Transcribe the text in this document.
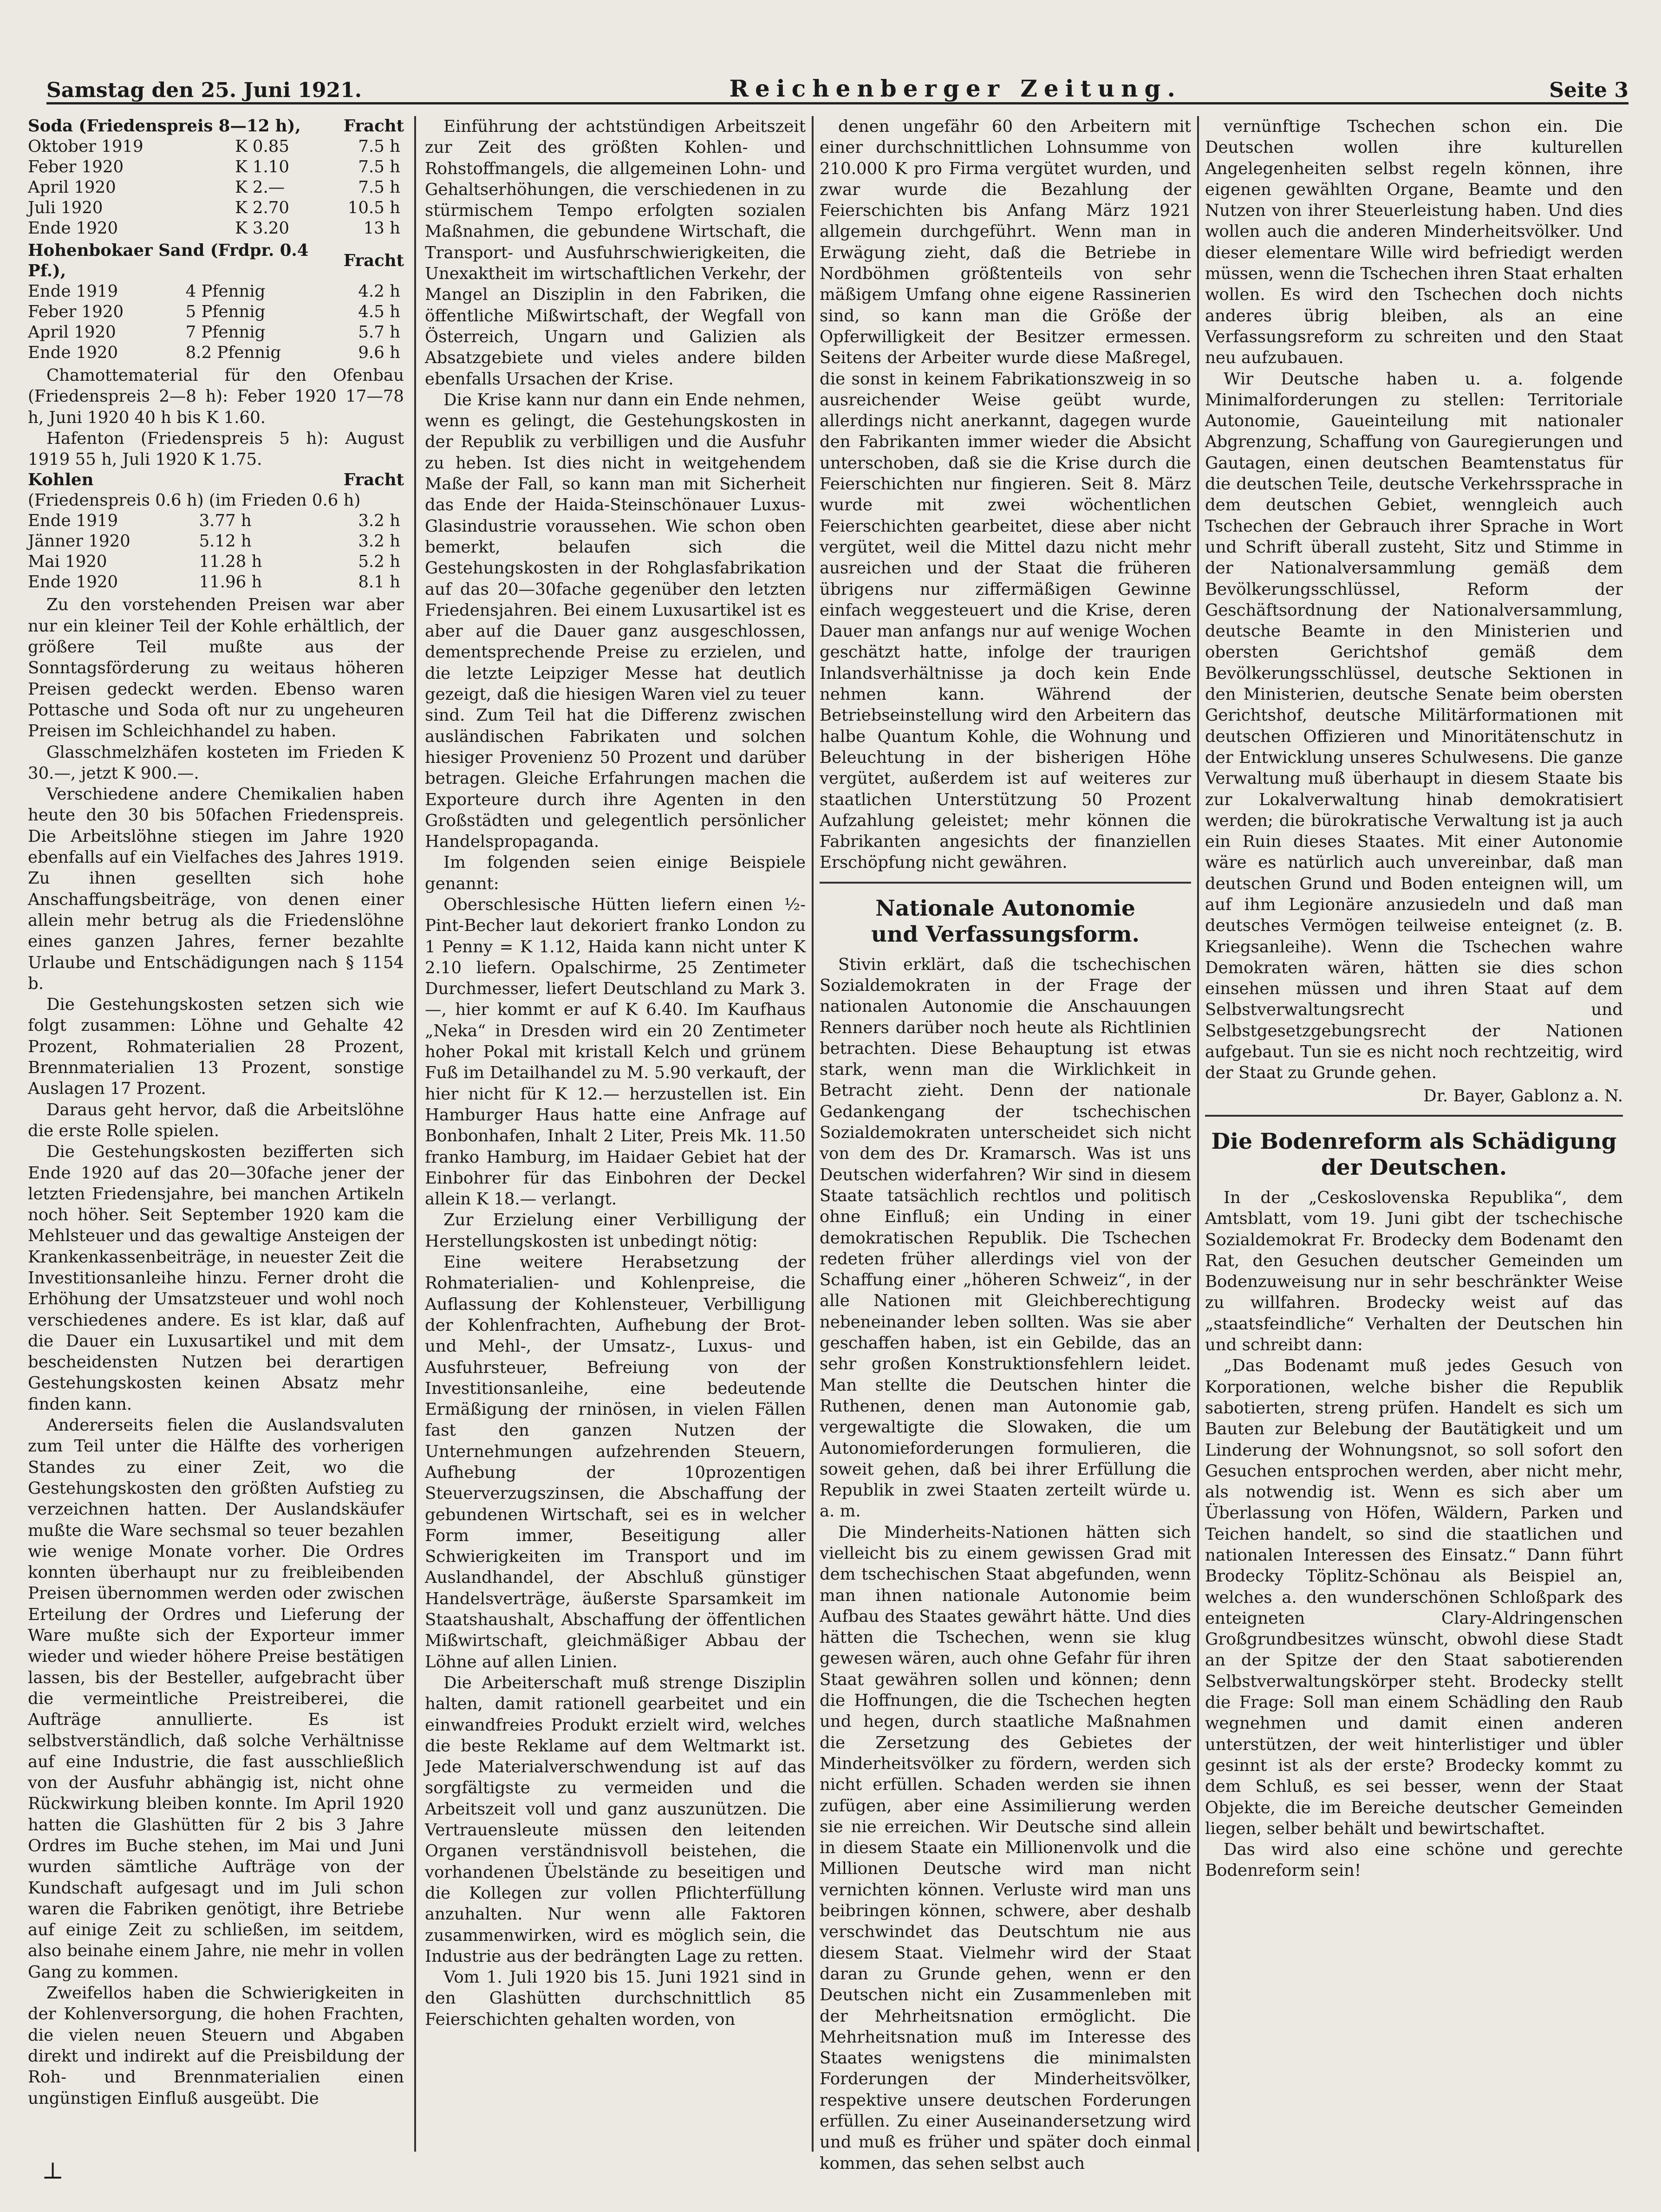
Samstag den 25. Juni 1921.	Reichenberger Zeitung.	Seite 3
Soda (Friedenspreis 8—12 h),		Fracht
Oktober 1919	K 0.85	7.5 h
Feber 1920	K 1.10	7.5 h
April 1920	K 2.—	7.5 h
Juli 1920	K 2.70	10.5 h
Ende 1920	K 3.20	13 h
Hohenbokaer Sand (Frdpr. 0.4 Pf.),		Fracht
Ende 1919	4 Pfennig	4.2 h
Feber 1920	5 Pfennig	4.5 h
April 1920	7 Pfennig	5.7 h
Ende 1920	8.2 Pfennig	9.6 h

Chamottematerial für den Ofenbau (Friedenspreis 2—8 h): Feber 1920 17—78 h, Juni 1920 40 h bis K 1.60.

Hafenton (Friedenspreis 5 h): August 1919 55 h, Juli 1920 K 1.75.

Kohlen		Fracht
(Friedenspreis 0.6 h) (im Frieden 0.6 h)		
Ende 1919	3.77 h	3.2 h
Jänner 1920	5.12 h	3.2 h
Mai 1920	11.28 h	5.2 h
Ende 1920	11.96 h	8.1 h

Zu den vorstehenden Preisen war aber nur ein kleiner Teil der Kohle erhältlich, der größere Teil mußte aus der Sonntagsförderung zu weitaus höheren Preisen gedeckt werden. Ebenso waren Pottasche und Soda oft nur zu ungeheuren Preisen im Schleichhandel zu haben.

Glasschmelzhäfen kosteten im Frieden K 30.—, jetzt K 900.—.

Verschiedene andere Chemikalien haben heute den 30 bis 50fachen Friedenspreis. Die Arbeitslöhne stiegen im Jahre 1920 ebenfalls auf ein Vielfaches des Jahres 1919. Zu ihnen gesellten sich hohe Anschaffungsbeiträge, von denen einer allein mehr betrug als die Friedenslöhne eines ganzen Jahres, ferner bezahlte Urlaube und Entschädigungen nach § 1154 b.

Die Gestehungskosten setzen sich wie folgt zusammen: Löhne und Gehalte 42 Prozent, Rohmaterialien 28 Prozent, Brennmaterialien 13 Prozent, sonstige Auslagen 17 Prozent.

Daraus geht hervor, daß die Arbeitslöhne die erste Rolle spielen.

Die Gestehungskosten bezifferten sich Ende 1920 auf das 20—30fache jener der letzten Friedensjahre, bei manchen Artikeln noch höher. Seit September 1920 kam die Mehlsteuer und das gewaltige Ansteigen der Krankenkassenbeiträge, in neuester Zeit die Investitionsanleihe hinzu. Ferner droht die Erhöhung der Umsatzsteuer und wohl noch verschiedenes andere. Es ist klar, daß auf die Dauer ein Luxusartikel und mit dem bescheidensten Nutzen bei derartigen Gestehungskosten keinen Absatz mehr finden kann.

Andererseits fielen die Auslandsvaluten zum Teil unter die Hälfte des vorherigen Standes zu einer Zeit, wo die Gestehungskosten den größten Aufstieg zu verzeichnen hatten. Der Auslandskäufer mußte die Ware sechsmal so teuer bezahlen wie wenige Monate vorher. Die Ordres konnten überhaupt nur zu freibleibenden Preisen übernommen werden oder zwischen Erteilung der Ordres und Lieferung der Ware mußte sich der Exporteur immer wieder und wieder höhere Preise bestätigen lassen, bis der Besteller, aufgebracht über die vermeintliche Preistreiberei, die Aufträge annullierte. Es ist selbstverständlich, daß solche Verhältnisse auf eine Industrie, die fast ausschließlich von der Ausfuhr abhängig ist, nicht ohne Rückwirkung bleiben konnte. Im April 1920 hatten die Glashütten für 2 bis 3 Jahre Ordres im Buche stehen, im Mai und Juni wurden sämtliche Aufträge von der Kundschaft aufgesagt und im Juli schon waren die Fabriken genötigt, ihre Betriebe auf einige Zeit zu schließen, im seitdem, also beinahe einem Jahre, nie mehr in vollen Gang zu kommen.

Zweifellos haben die Schwierigkeiten in der Kohlenversorgung, die hohen Frachten, die vielen neuen Steuern und Abgaben direkt und indirekt auf die Preisbildung der Roh- und Brennmaterialien einen ungünstigen Einfluß ausgeübt. Die

Einführung der achtstündigen Arbeitszeit zur Zeit des größten Kohlen- und Rohstoffmangels, die allgemeinen Lohn- und Gehaltserhöhungen, die verschiedenen in zu stürmischem Tempo erfolgten sozialen Maßnahmen, die gebundene Wirtschaft, die Transport- und Ausfuhrschwierigkeiten, die Unexaktheit im wirtschaftlichen Verkehr, der Mangel an Disziplin in den Fabriken, die öffentliche Mißwirtschaft, der Wegfall von Österreich, Ungarn und Galizien als Absatzgebiete und vieles andere bilden ebenfalls Ursachen der Krise.

Die Krise kann nur dann ein Ende nehmen, wenn es gelingt, die Gestehungskosten in der Republik zu verbilligen und die Ausfuhr zu heben. Ist dies nicht in weitgehendem Maße der Fall, so kann man mit Sicherheit das Ende der Haida-Steinschönauer Luxus-Glasindustrie voraussehen. Wie schon oben bemerkt, belaufen sich die Gestehungskosten in der Rohglasfabrikation auf das 20—30fache gegenüber den letzten Friedensjahren. Bei einem Luxusartikel ist es aber auf die Dauer ganz ausgeschlossen, dementsprechende Preise zu erzielen, und die letzte Leipziger Messe hat deutlich gezeigt, daß die hiesigen Waren viel zu teuer sind. Zum Teil hat die Differenz zwischen ausländischen Fabrikaten und solchen hiesiger Provenienz 50 Prozent und darüber betragen. Gleiche Erfahrungen machen die Exporteure durch ihre Agenten in den Großstädten und gelegentlich persönlicher Handelspropaganda.

Im folgenden seien einige Beispiele genannt:

Oberschlesische Hütten liefern einen ½-Pint-Becher laut dekoriert franko London zu 1 Penny = K 1.12, Haida kann nicht unter K 2.10 liefern. Opalschirme, 25 Zentimeter Durchmesser, liefert Deutschland zu Mark 3.—, hier kommt er auf K 6.40. Im Kaufhaus „Neka“ in Dresden wird ein 20 Zentimeter hoher Pokal mit kristall Kelch und grünem Fuß im Detailhandel zu M. 5.90 verkauft, der hier nicht für K 12.— herzustellen ist. Ein Hamburger Haus hatte eine Anfrage auf Bonbonhafen, Inhalt 2 Liter, Preis Mk. 11.50 franko Hamburg, im Haidaer Gebiet hat der Einbohrer für das Einbohren der Deckel allein K 18.— verlangt.

Zur Erzielung einer Verbilligung der Herstellungskosten ist unbedingt nötig:

Eine weitere Herabsetzung der Rohmaterialien- und Kohlenpreise, die Auflassung der Kohlensteuer, Verbilligung der Kohlenfrachten, Aufhebung der Brot- und Mehl-, der Umsatz-, Luxus- und Ausfuhrsteuer, Befreiung von der Investitionsanleihe, eine bedeutende Ermäßigung der rninösen, in vielen Fällen fast den ganzen Nutzen der Unternehmungen aufzehrenden Steuern, Aufhebung der 10prozentigen Steuerverzugszinsen, die Abschaffung der gebundenen Wirtschaft, sei es in welcher Form immer, Beseitigung aller Schwierigkeiten im Transport und im Auslandhandel, der Abschluß günstiger Handelsverträge, äußerste Sparsamkeit im Staatshaushalt, Abschaffung der öffentlichen Mißwirtschaft, gleichmäßiger Abbau der Löhne auf allen Linien.

Die Arbeiterschaft muß strenge Disziplin halten, damit rationell gearbeitet und ein einwandfreies Produkt erzielt wird, welches die beste Reklame auf dem Weltmarkt ist. Jede Materialverschwendung ist auf das sorgfältigste zu vermeiden und die Arbeitszeit voll und ganz auszunützen. Die Vertrauensleute müssen den leitenden Organen verständnisvoll beistehen, die vorhandenen Übelstände zu beseitigen und die Kollegen zur vollen Pflichterfüllung anzuhalten. Nur wenn alle Faktoren zusammenwirken, wird es möglich sein, die Industrie aus der bedrängten Lage zu retten.

Vom 1. Juli 1920 bis 15. Juni 1921 sind in den Glashütten durchschnittlich 85 Feierschichten gehalten worden, von

denen ungefähr 60 den Arbeitern mit einer durchschnittlichen Lohnsumme von 210.000 K pro Firma vergütet wurden, und zwar wurde die Bezahlung der Feierschichten bis Anfang März 1921 allgemein durchgeführt. Wenn man in Erwägung zieht, daß die Betriebe in Nordböhmen größtenteils von sehr mäßigem Umfang ohne eigene Rassinerien sind, so kann man die Größe der Opferwilligkeit der Besitzer ermessen. Seitens der Arbeiter wurde diese Maßregel, die sonst in keinem Fabrikationszweig in so ausreichender Weise geübt wurde, allerdings nicht anerkannt, dagegen wurde den Fabrikanten immer wieder die Absicht unterschoben, daß sie die Krise durch die Feierschichten nur fingieren. Seit 8. März wurde mit zwei wöchentlichen Feierschichten gearbeitet, diese aber nicht vergütet, weil die Mittel dazu nicht mehr ausreichen und der Staat die früheren übrigens nur ziffermäßigen Gewinne einfach weggesteuert und die Krise, deren Dauer man anfangs nur auf wenige Wochen geschätzt hatte, infolge der traurigen Inlandsverhältnisse ja doch kein Ende nehmen kann. Während der Betriebseinstellung wird den Arbeitern das halbe Quantum Kohle, die Wohnung und Beleuchtung in der bisherigen Höhe vergütet, außerdem ist auf weiteres zur staatlichen Unterstützung 50 Prozent Aufzahlung geleistet; mehr können die Fabrikanten angesichts der finanziellen Erschöpfung nicht gewähren.

Nationale Autonomie
und Verfassungsform.

Stivin erklärt, daß die tschechischen Sozialdemokraten in der Frage der nationalen Autonomie die Anschauungen Renners darüber noch heute als Richtlinien betrachten. Diese Behauptung ist etwas stark, wenn man die Wirklichkeit in Betracht zieht. Denn der nationale Gedankengang der tschechischen Sozialdemokraten unterscheidet sich nicht von dem des Dr. Kramarsch. Was ist uns Deutschen widerfahren? Wir sind in diesem Staate tatsächlich rechtlos und politisch ohne Einfluß; ein Unding in einer demokratischen Republik. Die Tschechen redeten früher allerdings viel von der Schaffung einer „höheren Schweiz“, in der alle Nationen mit Gleichberechtigung nebeneinander leben sollten. Was sie aber geschaffen haben, ist ein Gebilde, das an sehr großen Konstruktionsfehlern leidet. Man stellte die Deutschen hinter die Ruthenen, denen man Autonomie gab, vergewaltigte die Slowaken, die um Autonomieforderungen formulieren, die soweit gehen, daß bei ihrer Erfüllung die Republik in zwei Staaten zerteilt würde u. a. m.

Die Minderheits-Nationen hätten sich vielleicht bis zu einem gewissen Grad mit dem tschechischen Staat abgefunden, wenn man ihnen nationale Autonomie beim Aufbau des Staates gewährt hätte. Und dies hätten die Tschechen, wenn sie klug gewesen wären, auch ohne Gefahr für ihren Staat gewähren sollen und können; denn die Hoffnungen, die die Tschechen hegten und hegen, durch staatliche Maßnahmen die Zersetzung des Gebietes der Minderheitsvölker zu fördern, werden sich nicht erfüllen. Schaden werden sie ihnen zufügen, aber eine Assimilierung werden sie nie erreichen. Wir Deutsche sind allein in diesem Staate ein Millionenvolk und die Millionen Deutsche wird man nicht vernichten können. Verluste wird man uns beibringen können, schwere, aber deshalb verschwindet das Deutschtum nie aus diesem Staat. Vielmehr wird der Staat daran zu Grunde gehen, wenn er den Deutschen nicht ein Zusammenleben mit der Mehrheitsnation ermöglicht. Die Mehrheitsnation muß im Interesse des Staates wenigstens die minimalsten Forderungen der Minderheitsvölker, respektive unsere deutschen Forderungen erfüllen. Zu einer Auseinandersetzung wird und muß es früher und später doch einmal kommen, das sehen selbst auch

vernünftige Tschechen schon ein. Die Deutschen wollen ihre kulturellen Angelegenheiten selbst regeln können, ihre eigenen gewählten Organe, Beamte und den Nutzen von ihrer Steuerleistung haben. Und dies wollen auch die anderen Minderheitsvölker. Und dieser elementare Wille wird befriedigt werden müssen, wenn die Tschechen ihren Staat erhalten wollen. Es wird den Tschechen doch nichts anderes übrig bleiben, als an eine Verfassungsreform zu schreiten und den Staat neu aufzubauen.

Wir Deutsche haben u. a. folgende Minimalforderungen zu stellen: Territoriale Autonomie, Gaueinteilung mit nationaler Abgrenzung, Schaffung von Gauregierungen und Gautagen, einen deutschen Beamtenstatus für die deutschen Teile, deutsche Verkehrssprache in dem deutschen Gebiet, wenngleich auch Tschechen der Gebrauch ihrer Sprache in Wort und Schrift überall zusteht, Sitz und Stimme in der Nationalversammlung gemäß dem Bevölkerungsschlüssel, Reform der Geschäftsordnung der Nationalversammlung, deutsche Beamte in den Ministerien und obersten Gerichtshof gemäß dem Bevölkerungsschlüssel, deutsche Sektionen in den Ministerien, deutsche Senate beim obersten Gerichtshof, deutsche Militärformationen mit deutschen Offizieren und Minoritätenschutz in der Entwicklung unseres Schulwesens. Die ganze Verwaltung muß überhaupt in diesem Staate bis zur Lokalverwaltung hinab demokratisiert werden; die bürokratische Verwaltung ist ja auch ein Ruin dieses Staates. Mit einer Autonomie wäre es natürlich auch unvereinbar, daß man deutschen Grund und Boden enteignen will, um auf ihm Legionäre anzusiedeln und daß man deutsches Vermögen teilweise enteignet (z. B. Kriegsanleihe). Wenn die Tschechen wahre Demokraten wären, hätten sie dies schon einsehen müssen und ihren Staat auf dem Selbstverwaltungsrecht und Selbstgesetzgebungsrecht der Nationen aufgebaut. Tun sie es nicht noch rechtzeitig, wird der Staat zu Grunde gehen.

Dr. Bayer, Gablonz a. N.

Die Bodenreform als Schädigung
der Deutschen.

In der „Ceskoslovenska Republika“, dem Amtsblatt, vom 19. Juni gibt der tschechische Sozialdemokrat Fr. Brodecky dem Bodenamt den Rat, den Gesuchen deutscher Gemeinden um Bodenzuweisung nur in sehr beschränkter Weise zu willfahren. Brodecky weist auf das „staatsfeindliche“ Verhalten der Deutschen hin und schreibt dann:

„Das Bodenamt muß jedes Gesuch von Korporationen, welche bisher die Republik sabotierten, streng prüfen. Handelt es sich um Bauten zur Belebung der Bautätigkeit und um Linderung der Wohnungsnot, so soll sofort den Gesuchen entsprochen werden, aber nicht mehr, als notwendig ist. Wenn es sich aber um Überlassung von Höfen, Wäldern, Parken und Teichen handelt, so sind die staatlichen und nationalen Interessen des Einsatz.“ Dann führt Brodecky Töplitz-Schönau als Beispiel an, welches a. den wunderschönen Schloßpark des enteigneten Clary-Aldringenschen Großgrundbesitzes wünscht, obwohl diese Stadt an der Spitze der den Staat sabotierenden Selbstverwaltungskörper steht. Brodecky stellt die Frage: Soll man einem Schädling den Raub wegnehmen und damit einen anderen unterstützen, der weit hinterlistiger und übler gesinnt ist als der erste? Brodecky kommt zu dem Schluß, es sei besser, wenn der Staat Objekte, die im Bereiche deutscher Gemeinden liegen, selber behält und bewirtschaftet.

Das wird also eine schöne und gerechte Bodenreform sein!

⊥
